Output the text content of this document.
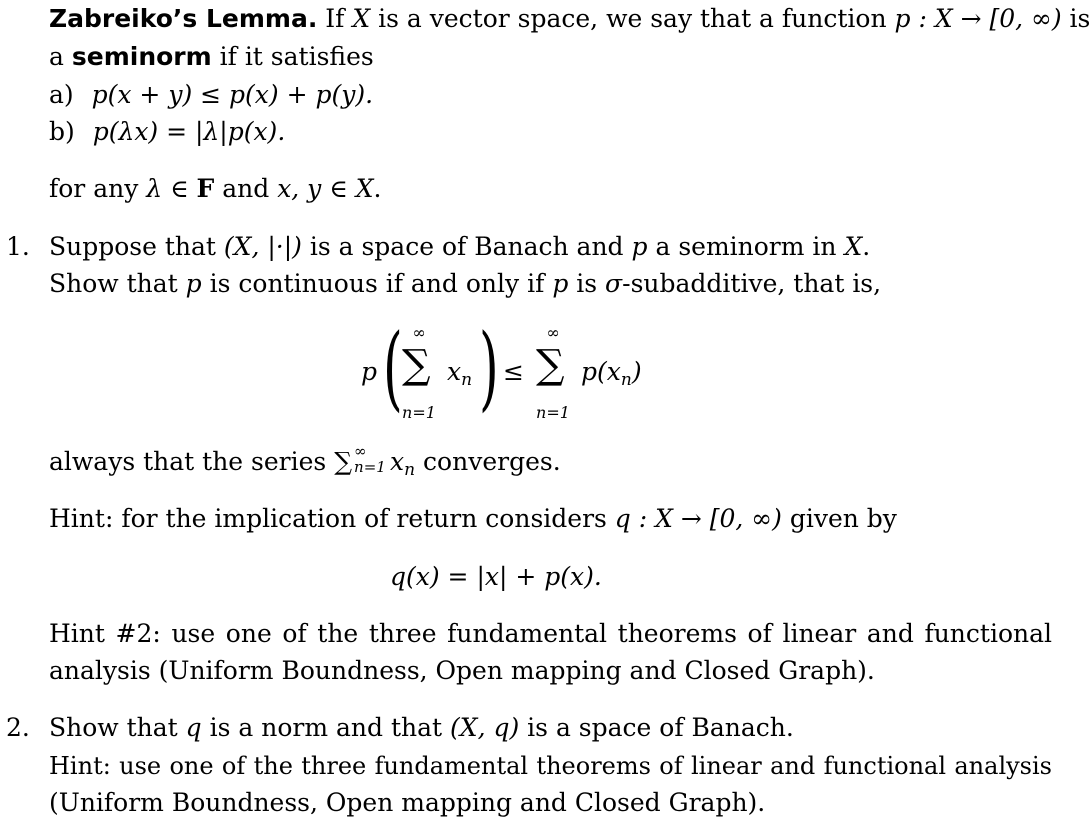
Zabreiko’s Lemma. If X is a vector space, we say that a function p : X → [0, ∞) is
a seminorm if it satisfies
a) p(x + y) ≤ p(x) + p(y).
b) p(λx) = |λ|p(x).
for any λ ∈ F and x, y ∈ X.
1. Suppose that (X, |·|) is a space of Banach and p a seminorm in X.
Show that p is continuous if and only if p is σ-subadditive, that is,
p ( ∞
∑
n=1
$x_n$ ) ≤
∞
∑
n=1
$p(x_n)$
always that the series ∑ ∞
n=1 $x_n$ converges.
Hint: for the implication of return considers q : X → [0, ∞) given by
q(x) = |x| + p(x).
Hint #2: use one of the three fundamental theorems of linear and functional
analysis (Uniform Boundness, Open mapping and Closed Graph).
2. Show that q is a norm and that (X, q) is a space of Banach.
Hint: use one of the three fundamental theorems of linear and functional analysis
(Uniform Boundness, Open mapping and Closed Graph).
